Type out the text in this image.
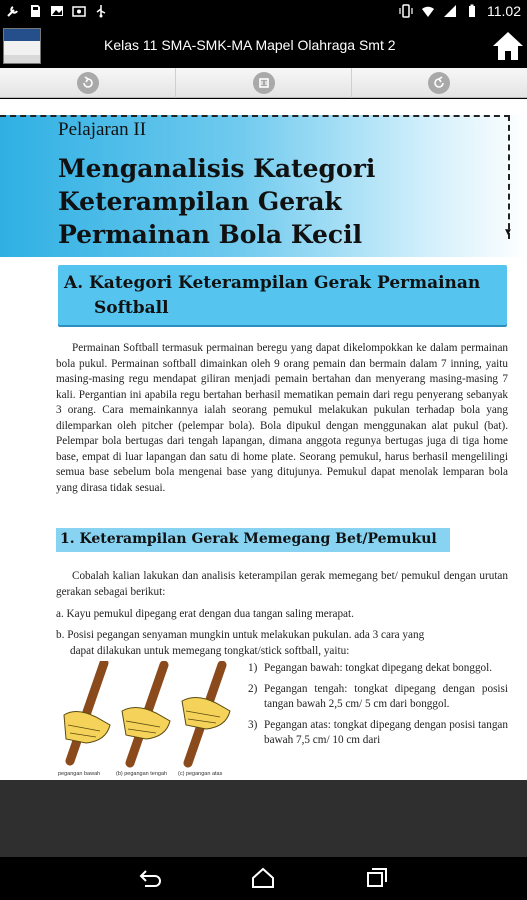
11.02
Kelas 11 SMA-SMK-MA Mapel Olahraga Smt 2
▼
Pelajaran II
Menganalisis Kategori Keterampilan Gerak Permainan Bola Kecil
A. Kategori Keterampilan Gerak Permainan
Softball
Permainan Softball termasuk permainan beregu yang dapat dikelompokkan ke dalam permainan bola pukul. Permainan softball dimainkan oleh 9 orang pemain dan bermain dalam 7 inning, yaitu masing-masing regu mendapat giliran menjadi pemain bertahan dan menyerang masing-masing 7 kali. Pergantian ini apabila regu bertahan berhasil mematikan pemain dari regu penyerang sebanyak 3 orang. Cara memainkannya ialah seorang pemukul melakukan pukulan terhadap bola yang dilemparkan oleh pitcher (pelempar bola). Bola dipukul dengan menggunakan alat pukul (bat). Pelempar bola bertugas dari tengah lapangan, dimana anggota regunya bertugas juga di tiga home base, empat di luar lapangan dan satu di home plate. Seorang pemukul, harus berhasil mengelilingi semua base sebelum bola mengenai base yang ditujunya. Pemukul dapat menolak lemparan bola yang dirasa tidak sesuai.
1. Keterampilan Gerak Memegang Bet/Pemukul
Cobalah kalian lakukan dan analisis keterampilan gerak memegang bet/ pemukul dengan urutan gerakan sebagai berikut:
a. Kayu pemukul dipegang erat dengan dua tangan saling merapat.
b. Posisi pegangan senyaman mungkin untuk melakukan pukulan. ada 3 cara yang
dapat dilakukan untuk memegang tongkat/stick softball, yaitu:
pegangan bawah	(b) pegangan tengah (c) pegangan atas
1) Pegangan bawah: tongkat dipegang dekat bonggol.
2) Pegangan tengah: tongkat dipegang dengan posisi tangan bawah 2,5 cm/ 5 cm dari bonggol.
3) Pegangan atas: tongkat dipegang dengan posisi tangan bawah 7,5 cm/ 10 cm dari
